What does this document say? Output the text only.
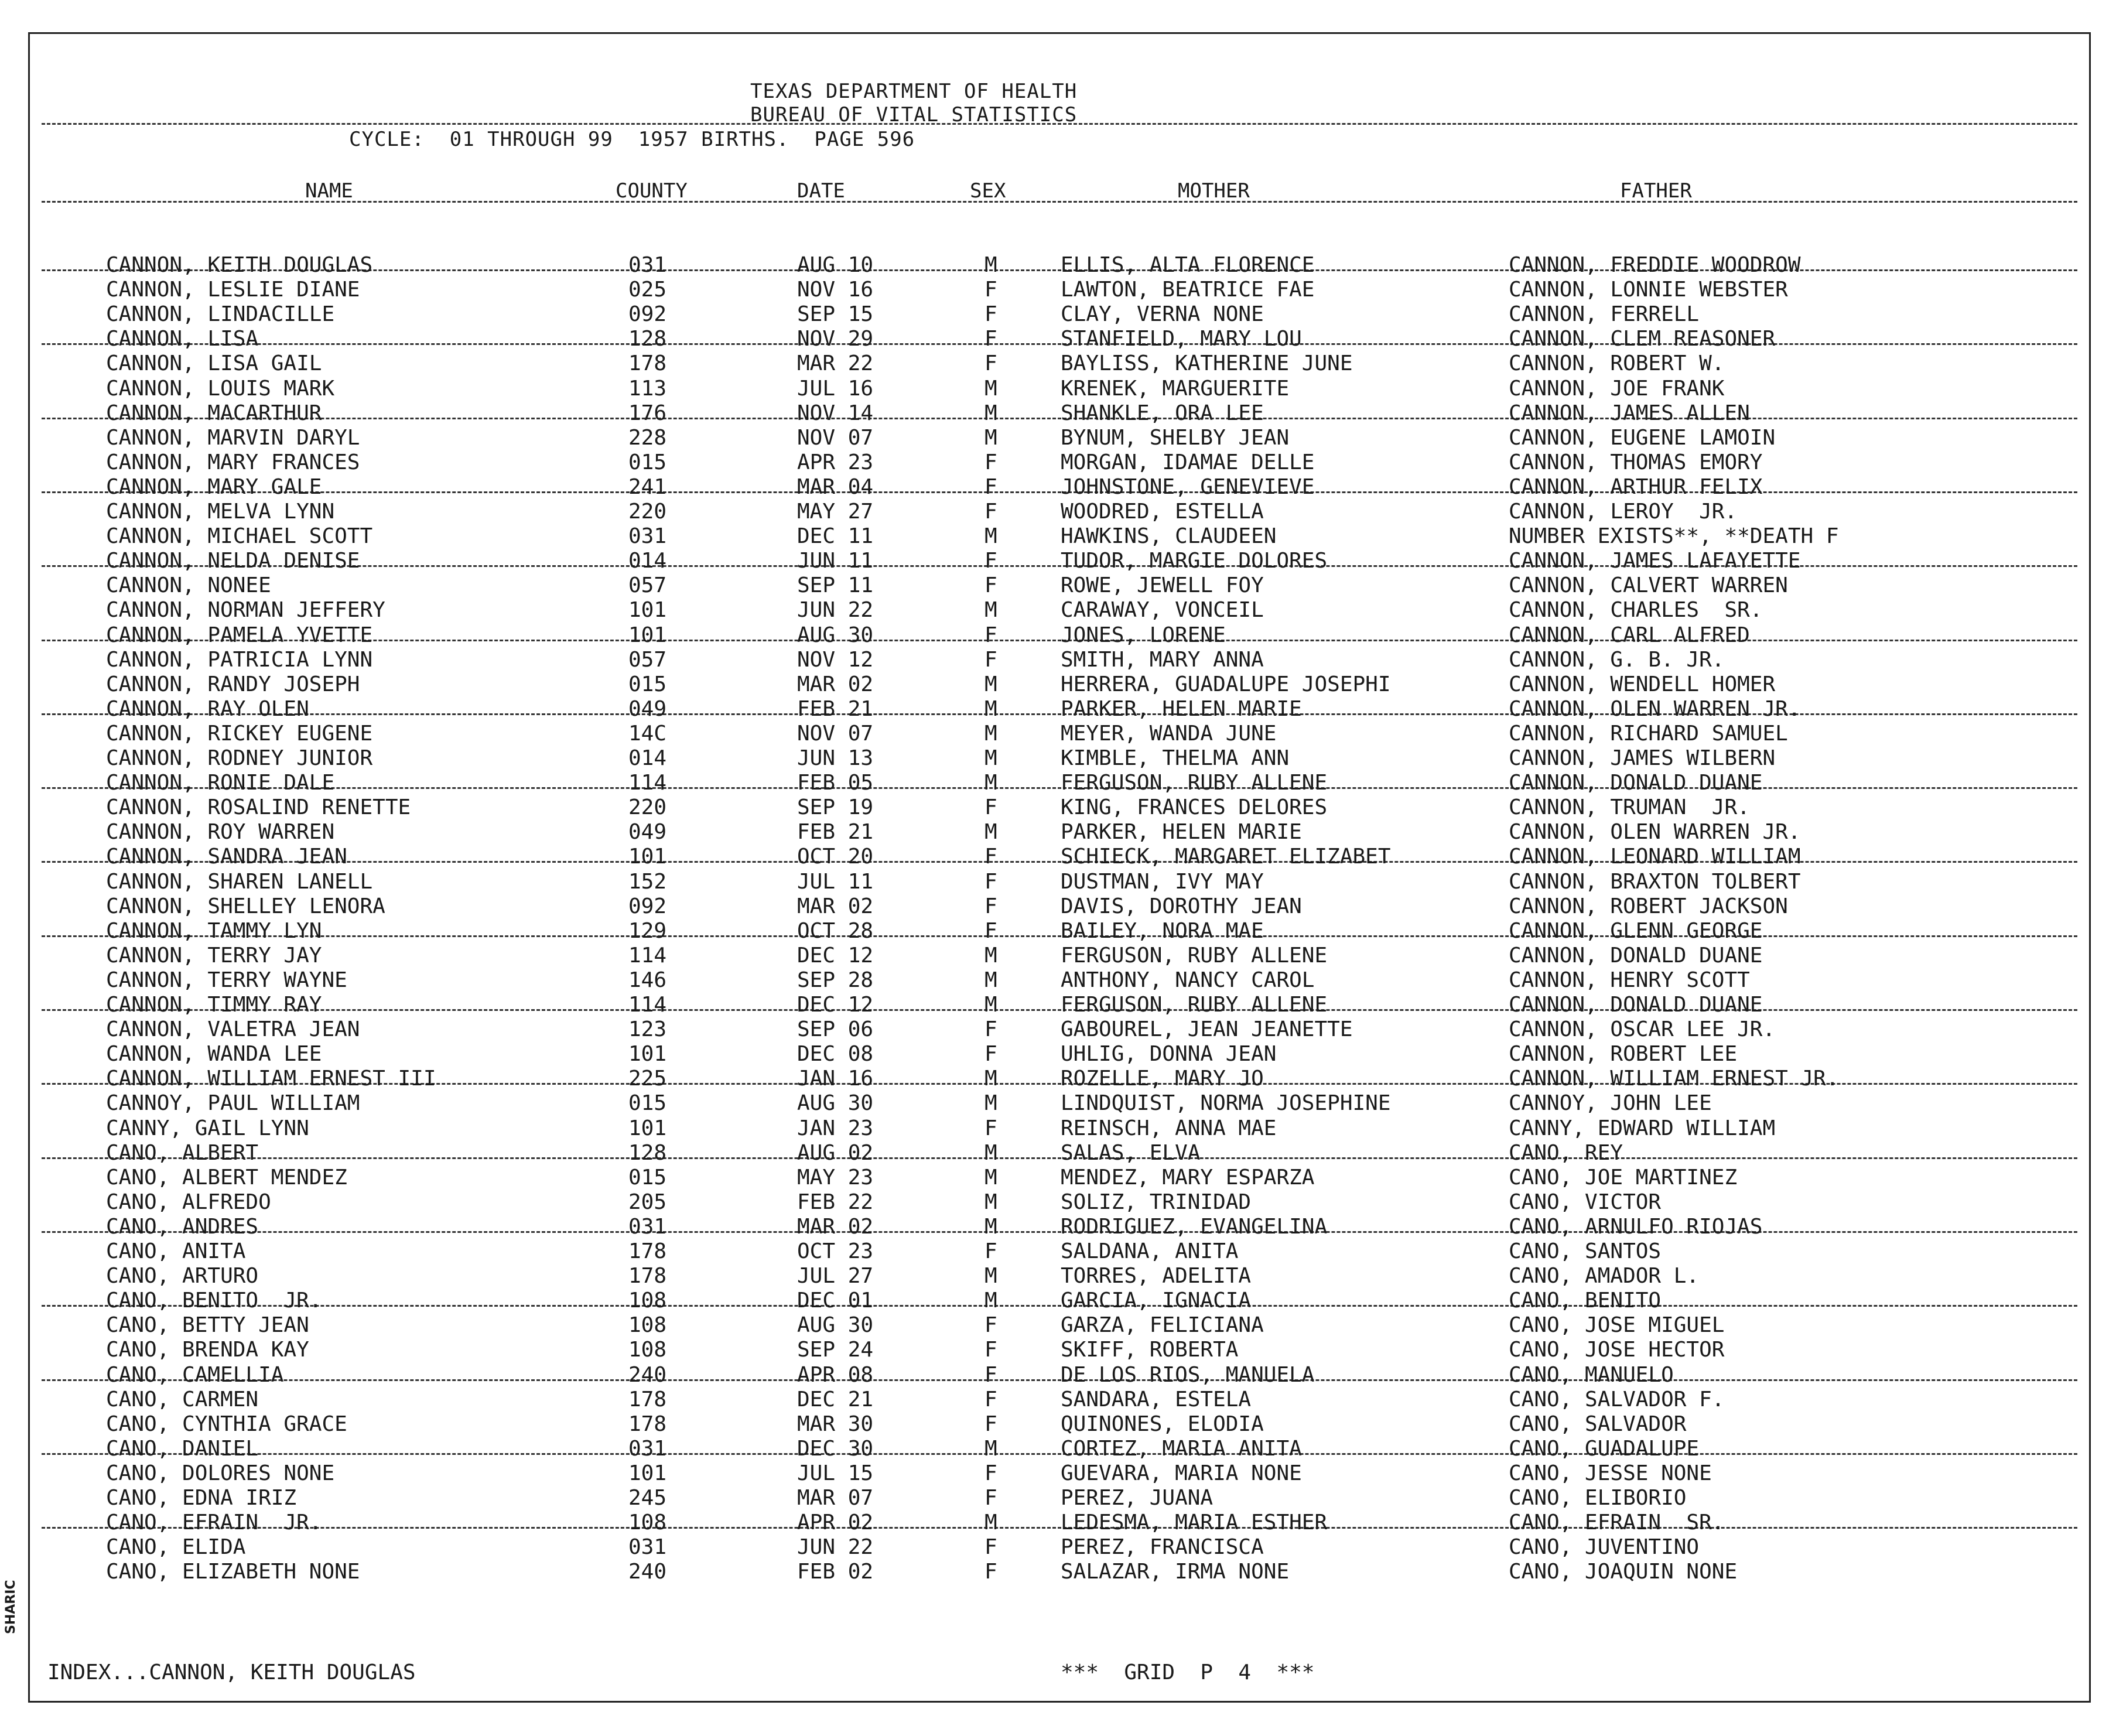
TEXAS DEPARTMENT OF HEALTH
BUREAU OF VITAL STATISTICS
CYCLE:  01 THROUGH 99  1957 BIRTHS.  PAGE 596
NAME	COUNTY	DATE	SEX	MOTHER	FATHER
CANNON, KEITH DOUGLAS	031	AUG 10	M	ELLIS, ALTA FLORENCE	CANNON, FREDDIE WOODROW
CANNON, LESLIE DIANE	025	NOV 16	F	LAWTON, BEATRICE FAE	CANNON, LONNIE WEBSTER
CANNON, LINDACILLE	092	SEP 15	F	CLAY, VERNA NONE	CANNON, FERRELL
CANNON, LISA	128	NOV 29	F	STANFIELD, MARY LOU	CANNON, CLEM REASONER
CANNON, LISA GAIL	178	MAR 22	F	BAYLISS, KATHERINE JUNE	CANNON, ROBERT W.
CANNON, LOUIS MARK	113	JUL 16	M	KRENEK, MARGUERITE	CANNON, JOE FRANK
CANNON, MACARTHUR	176	NOV 14	M	SHANKLE, ORA LEE	CANNON, JAMES ALLEN
CANNON, MARVIN DARYL	228	NOV 07	M	BYNUM, SHELBY JEAN	CANNON, EUGENE LAMOIN
CANNON, MARY FRANCES	015	APR 23	F	MORGAN, IDAMAE DELLE	CANNON, THOMAS EMORY
CANNON, MARY GALE	241	MAR 04	F	JOHNSTONE, GENEVIEVE	CANNON, ARTHUR FELIX
CANNON, MELVA LYNN	220	MAY 27	F	WOODRED, ESTELLA	CANNON, LEROY  JR.
CANNON, MICHAEL SCOTT	031	DEC 11	M	HAWKINS, CLAUDEEN	NUMBER EXISTS**, **DEATH F
CANNON, NELDA DENISE	014	JUN 11	F	TUDOR, MARGIE DOLORES	CANNON, JAMES LAFAYETTE
CANNON, NONEE	057	SEP 11	F	ROWE, JEWELL FOY	CANNON, CALVERT WARREN
CANNON, NORMAN JEFFERY	101	JUN 22	M	CARAWAY, VONCEIL	CANNON, CHARLES  SR.
CANNON, PAMELA YVETTE	101	AUG 30	F	JONES, LORENE	CANNON, CARL ALFRED
CANNON, PATRICIA LYNN	057	NOV 12	F	SMITH, MARY ANNA	CANNON, G. B. JR.
CANNON, RANDY JOSEPH	015	MAR 02	M	HERRERA, GUADALUPE JOSEPHI	CANNON, WENDELL HOMER
CANNON, RAY OLEN	049	FEB 21	M	PARKER, HELEN MARIE	CANNON, OLEN WARREN JR.
CANNON, RICKEY EUGENE	14C	NOV 07	M	MEYER, WANDA JUNE	CANNON, RICHARD SAMUEL
CANNON, RODNEY JUNIOR	014	JUN 13	M	KIMBLE, THELMA ANN	CANNON, JAMES WILBERN
CANNON, RONIE DALE	114	FEB 05	M	FERGUSON, RUBY ALLENE	CANNON, DONALD DUANE
CANNON, ROSALIND RENETTE	220	SEP 19	F	KING, FRANCES DELORES	CANNON, TRUMAN  JR.
CANNON, ROY WARREN	049	FEB 21	M	PARKER, HELEN MARIE	CANNON, OLEN WARREN JR.
CANNON, SANDRA JEAN	101	OCT 20	F	SCHIECK, MARGARET ELIZABET	CANNON, LEONARD WILLIAM
CANNON, SHAREN LANELL	152	JUL 11	F	DUSTMAN, IVY MAY	CANNON, BRAXTON TOLBERT
CANNON, SHELLEY LENORA	092	MAR 02	F	DAVIS, DOROTHY JEAN	CANNON, ROBERT JACKSON
CANNON, TAMMY LYN	129	OCT 28	F	BAILEY, NORA MAE	CANNON, GLENN GEORGE
CANNON, TERRY JAY	114	DEC 12	M	FERGUSON, RUBY ALLENE	CANNON, DONALD DUANE
CANNON, TERRY WAYNE	146	SEP 28	M	ANTHONY, NANCY CAROL	CANNON, HENRY SCOTT
CANNON, TIMMY RAY	114	DEC 12	M	FERGUSON, RUBY ALLENE	CANNON, DONALD DUANE
CANNON, VALETRA JEAN	123	SEP 06	F	GABOUREL, JEAN JEANETTE	CANNON, OSCAR LEE JR.
CANNON, WANDA LEE	101	DEC 08	F	UHLIG, DONNA JEAN	CANNON, ROBERT LEE
CANNON, WILLIAM ERNEST III	225	JAN 16	M	ROZELLE, MARY JO	CANNON, WILLIAM ERNEST JR.
CANNOY, PAUL WILLIAM	015	AUG 30	M	LINDQUIST, NORMA JOSEPHINE	CANNOY, JOHN LEE
CANNY, GAIL LYNN	101	JAN 23	F	REINSCH, ANNA MAE	CANNY, EDWARD WILLIAM
CANO, ALBERT	128	AUG 02	M	SALAS, ELVA	CANO, REY
CANO, ALBERT MENDEZ	015	MAY 23	M	MENDEZ, MARY ESPARZA	CANO, JOE MARTINEZ
CANO, ALFREDO	205	FEB 22	M	SOLIZ, TRINIDAD	CANO, VICTOR
CANO, ANDRES	031	MAR 02	M	RODRIGUEZ, EVANGELINA	CANO, ARNULFO RIOJAS
CANO, ANITA	178	OCT 23	F	SALDANA, ANITA	CANO, SANTOS
CANO, ARTURO	178	JUL 27	M	TORRES, ADELITA	CANO, AMADOR L.
CANO, BENITO  JR.	108	DEC 01	M	GARCIA, IGNACIA	CANO, BENITO
CANO, BETTY JEAN	108	AUG 30	F	GARZA, FELICIANA	CANO, JOSE MIGUEL
CANO, BRENDA KAY	108	SEP 24	F	SKIFF, ROBERTA	CANO, JOSE HECTOR
CANO, CAMELLIA	240	APR 08	F	DE LOS RIOS, MANUELA	CANO, MANUELO
CANO, CARMEN	178	DEC 21	F	SANDARA, ESTELA	CANO, SALVADOR F.
CANO, CYNTHIA GRACE	178	MAR 30	F	QUINONES, ELODIA	CANO, SALVADOR
CANO, DANIEL	031	DEC 30	M	CORTEZ, MARIA ANITA	CANO, GUADALUPE
CANO, DOLORES NONE	101	JUL 15	F	GUEVARA, MARIA NONE	CANO, JESSE NONE
CANO, EDNA IRIZ	245	MAR 07	F	PEREZ, JUANA	CANO, ELIBORIO
CANO, EFRAIN  JR.	108	APR 02	M	LEDESMA, MARIA ESTHER	CANO, EFRAIN  SR.
CANO, ELIDA	031	JUN 22	F	PEREZ, FRANCISCA	CANO, JUVENTINO
CANO, ELIZABETH NONE	240	FEB 02	F	SALAZAR, IRMA NONE	CANO, JOAQUIN NONE
INDEX...CANNON, KEITH DOUGLAS	***  GRID  P  4  ***
SHARIC
